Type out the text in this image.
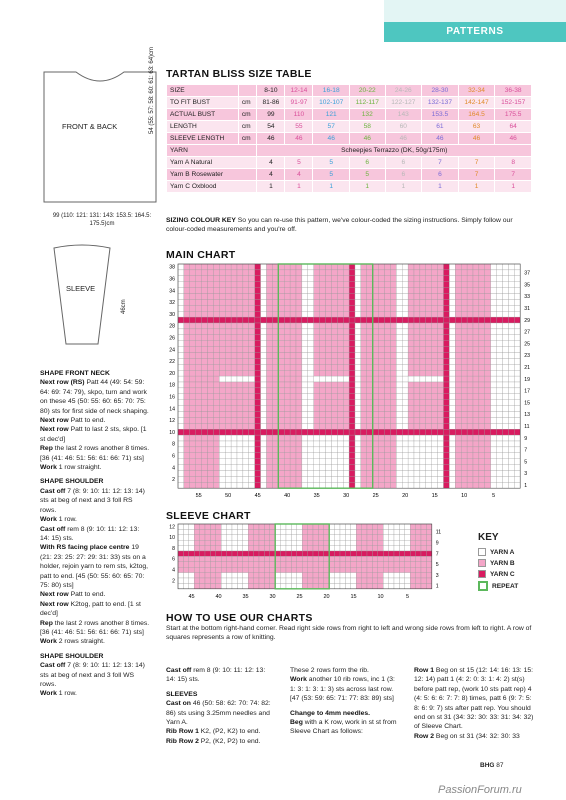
PATTERNS
FRONT & BACK
99 (110: 121: 131: 143: 153.5: 164.5: 175.5)cm
54 (55: 57: 58: 60: 61: 63: 64)cm
SLEEVE
46cm
TARTAN BLISS SIZE TABLE
SIZE		8-10	12-14	16-18	20-22	24-26	28-30	32-34	36-38
TO FIT BUST	cm	81-86	91-97	102-107	112-117	122-127	132-137	142-147	152-157
ACTUAL BUST	cm	99	110	121	132	143	153.5	164.5	175.5
LENGTH	cm	54	55	57	58	60	61	63	64
SLEEVE LENGTH	cm	46	46	46	46	46	46	46	46
YARN		Scheepjes Terrazzo (DK, 50g/175m)							
Yarn A Natural		4	5	5	6	6	7	7	8
Yarn B Rosewater		4	4	5	5	6	6	7	7
Yarn C Oxblood		1	1	1	1	1	1	1	1
SIZING COLOUR KEY So you can re-use this pattern, we've colour-coded the sizing instructions. Simply follow our colour-coded measurements and you're off.
MAIN CHART
55	50	45	40	35	30	25	20	15	10	5
38
36
34
32
30
28
26
24
22
20
18
16
14
12
10
8
6
4
2
37
35
33
31
29
27
25
23
21
19
17
15
13
11
9
7
5
3
1
SLEEVE CHART
45	40	35	30	25	20	15	10	5
12
10
8
6
4
2
11
9
7
5
3
1
KEY
YARN A
YARN B
YARN C
REPEAT
HOW TO USE OUR CHARTS
Start at the bottom right-hand corner. Read right side rows from right to left and wrong side rows from left to right. A row of squares represents a row of knitting.
SHAPE FRONT NECK
Next row (RS) Patt 44 (49: 54: 59: 64: 69: 74: 79), skpo, turn and work on these 45 (50: 55: 60: 65: 70: 75: 80) sts for first side of neck shaping.
Next row Patt to end.
Next row Patt to last 2 sts, skpo. [1 st dec'd]
Rep the last 2 rows another 8 times.
[36 (41: 46: 51: 56: 61: 66: 71) sts]
Work 1 row straight.
SHAPE SHOULDER
Cast off 7 (8: 9: 10: 11: 12: 13: 14) sts at beg of next and 3 foll RS rows.
Work 1 row.
Cast off rem 8 (9: 10: 11: 12: 13: 14: 15) sts.
With RS facing place centre 19 (21: 23: 25: 27: 29: 31: 33) sts on a holder, rejoin yarn to rem sts, k2tog, patt to end. [45 (50: 55: 60: 65: 70: 75: 80) sts]
Next row Patt to end.
Next row K2tog, patt to end. [1 st dec'd]
Rep the last 2 rows another 8 times.
[36 (41: 46: 51: 56: 61: 66: 71) sts]
Work 2 rows straight.
SHAPE SHOULDER
Cast off 7 (8: 9: 10: 11: 12: 13: 14) sts at beg of next and 3 foll WS rows.
Work 1 row.
Cast off rem 8 (9: 10: 11: 12: 13: 14: 15) sts.
SLEEVES
Cast on 46 (50: 58: 62: 70: 74: 82: 86) sts using 3.25mm needles and Yarn A.
Rib Row 1 K2, (P2, K2) to end.
Rib Row 2 P2, (K2, P2) to end.
These 2 rows form the rib.
Work another 10 rib rows, inc 1 (3: 1: 3: 1: 3: 1: 3) sts across last row. [47 (53: 59: 65: 71: 77: 83: 89) sts]
Change to 4mm needles.
Beg with a K row, work in st st from Sleeve Chart as follows:
Row 1 Beg on st 15 (12: 14: 16: 13: 15: 12: 14) patt 1 (4: 2: 0: 3: 1: 4: 2) st(s) before patt rep, (work 10 sts patt rep) 4 (4: 5: 6: 6: 7: 7: 8) times, patt 6 (9: 7: 5: 8: 6: 9: 7) sts after patt rep. You should end on st 31 (34: 32: 30: 33: 31: 34: 32) of Sleeve Chart.
Row 2 Beg on st 31 (34: 32: 30: 33
BHG 87
PassionForum.ru
